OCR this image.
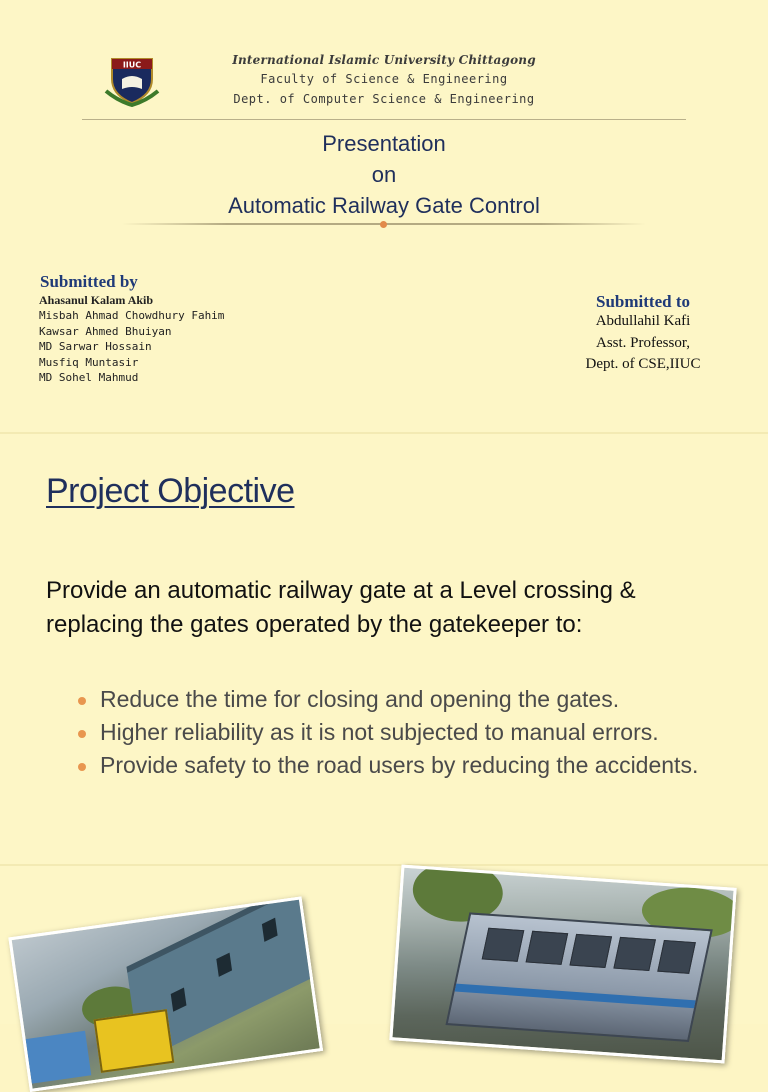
IIUC	International Islamic University Chittagong
Faculty of Science & Engineering
Dept. of Computer Science & Engineering
Presentation
on
Automatic Railway Gate Control
Submitted by
Ahasanul Kalam Akib
Misbah Ahmad Chowdhury Fahim
Kawsar Ahmed Bhuiyan
MD Sarwar Hossain
Musfiq Muntasir
MD Sohel Mahmud
Submitted to
Abdullahil Kafi
Asst. Professor,
Dept. of CSE,IIUC
Project Objective
Provide an automatic railway gate at a Level crossing & replacing the gates operated by the gatekeeper to:
Reduce the time for closing and opening the gates.
Higher reliability as it is not subjected to manual errors.
Provide safety to the road users by reducing the accidents.
